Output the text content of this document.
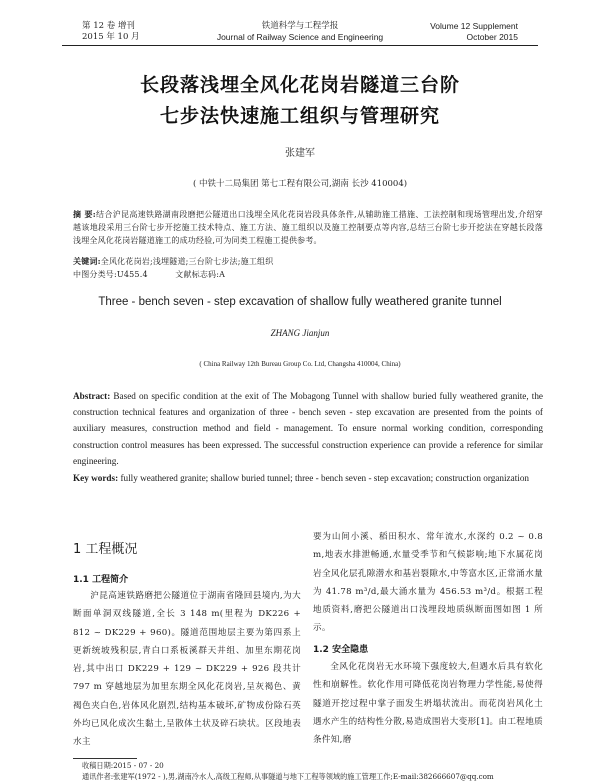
第 12 卷 增刊
2015 年 10 月
铁道科学与工程学报
Journal of Railway Science and Engineering
Volume 12 Supplement
October 2015
长段落浅埋全风化花岗岩隧道三台阶
七步法快速施工组织与管理研究
张建军
( 中铁十二局集团 第七工程有限公司,湖南 长沙 410004)
摘 要:结合沪昆高速铁路湖南段磨把公隧道出口浅埋全风化花岗岩段具体条件,从辅助施工措施、工法控制和现场管理出发,介绍穿越该地段采用三台阶七步开挖施工技术特点、施工方法、施工组织以及施工控制要点等内容,总结三台阶七步开挖法在穿越长段落浅埋全风化花岗岩隧道施工的成功经验,可为同类工程施工提供参考。
关键词:全风化花岗岩;浅埋隧道;三台阶七步法;施工组织
中图分类号:U455.4	文献标志码:A
Three - bench seven - step excavation of shallow fully weathered granite tunnel
ZHANG Jianjun
( China Railway 12th Bureau Group Co. Ltd, Changsha 410004, China)
Abstract: Based on specific condition at the exit of The Mobagong Tunnel with shallow buried fully weathered granite, the construction technical features and organization of three - bench seven - step excavation are presented from the points of auxiliary measures, construction method and field - management. To ensure normal working condition, corresponding construction control measures has been expressed. The successful construction experience can provide a reference for similar engineering.
Key words: fully weathered granite; shallow buried tunnel; three - bench seven - step excavation; construction organization
1 工程概况
1.1 工程简介
沪昆高速铁路磨把公隧道位于湖南省隆回县境内,为大断面单洞双线隧道,全长 3 148 m(里程为 DK226 + 812 ~ DK229 + 960)。隧道范围地层主要为第四系上更新统坡残积层,青白口系板溪群天井组、加里东期花岗岩,其中出口 DK229 + 129 ~ DK229 + 926 段共计 797 m 穿越地层为加里东期全风化花岗岩,呈灰褐色、黄褐色夹白色,岩体风化剧烈,结构基本破坏,矿物成份除石英外均已风化成次生黏土,呈散体土状及碎石块状。区段地表水主
要为山间小溪、稻田积水、常年流水,水深约 0.2 ~ 0.8 m,地表水排泄畅通,水量受季节和气候影响;地下水属花岗岩全风化层孔隙潜水和基岩裂隙水,中等富水区,正常涌水量为 41.78 m³/d,最大涌水量为 456.53 m³/d。根据工程地质资料,磨把公隧道出口浅埋段地质纵断面图如图 1 所示。
1.2 安全隐患
全风化花岗岩无水环境下强度较大,但遇水后具有软化性和崩解性。软化作用可降低花岗岩物理力学性能,易使得隧道开挖过程中掌子面发生坍塌状流出。而花岗岩风化土遇水产生的结构性分散,易造成围岩大变形[1]。由工程地质条件知,磨
收稿日期:2015 - 07 - 20
通讯作者:张建军(1972 - ),男,湖南冷水人,高级工程师,从事隧道与地下工程等领域的施工管理工作;E-mail:382666607@qq.com
